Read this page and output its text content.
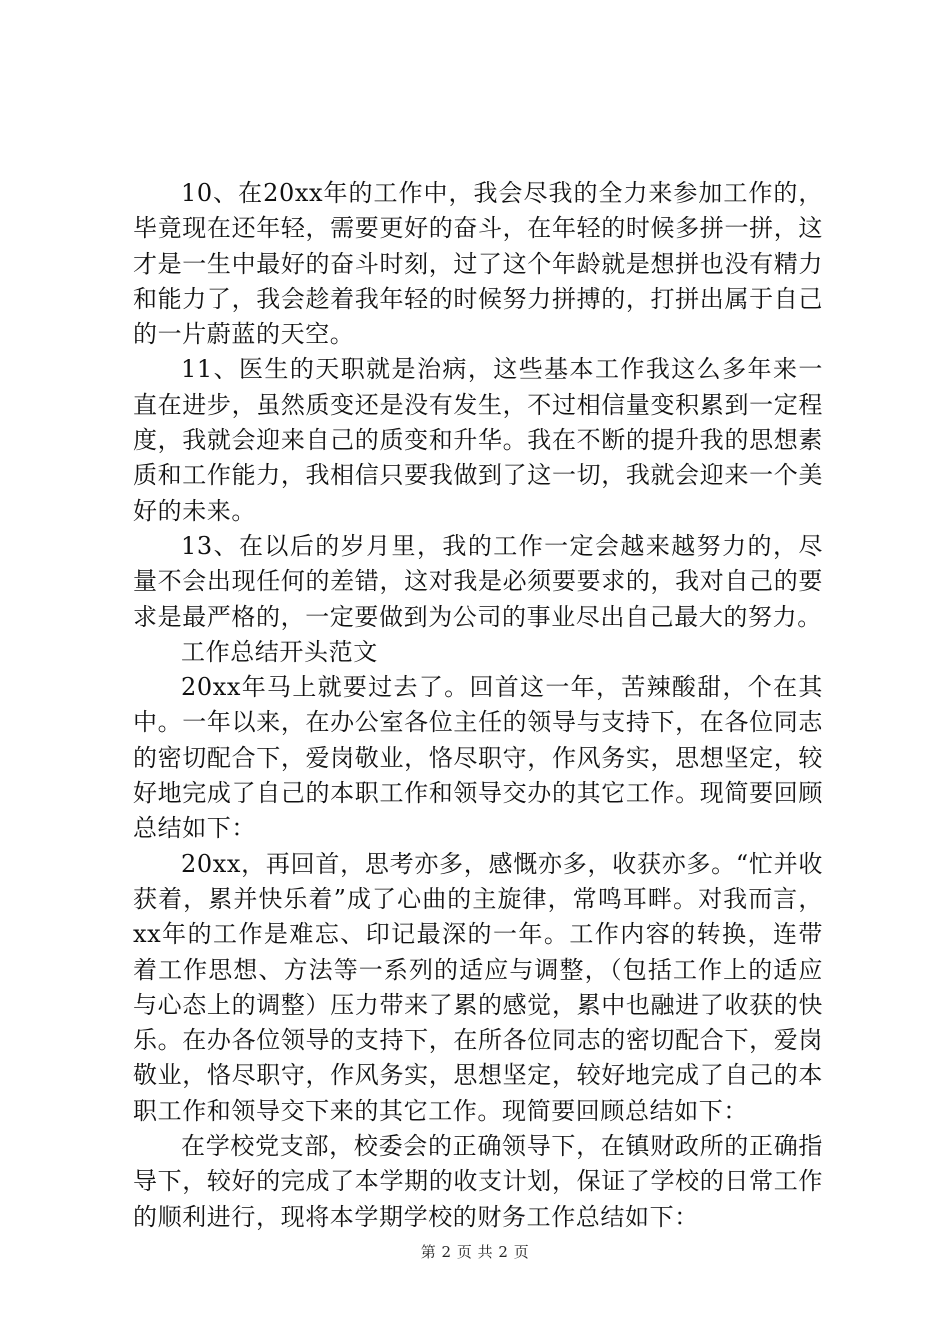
10、在20xx年的工作中，我会尽我的全力来参加工作的，毕竟现在还年轻，需要更好的奋斗，在年轻的时候多拼一拼，这才是一生中最好的奋斗时刻，过了这个年龄就是想拼也没有精力和能力了，我会趁着我年轻的时候努力拼搏的，打拼出属于自己的一片蔚蓝的天空。

11、医生的天职就是治病，这些基本工作我这么多年来一直在进步，虽然质变还是没有发生，不过相信量变积累到一定程度，我就会迎来自己的质变和升华。我在不断的提升我的思想素质和工作能力，我相信只要我做到了这一切，我就会迎来一个美好的未来。

13、在以后的岁月里，我的工作一定会越来越努力的，尽量不会出现任何的差错，这对我是必须要要求的，我对自己的要求是最严格的，一定要做到为公司的事业尽出自己最大的努力。

工作总结开头范文

20xx年马上就要过去了。回首这一年，苦辣酸甜，个在其中。一年以来，在办公室各位主任的领导与支持下，在各位同志的密切配合下，爱岗敬业，恪尽职守，作风务实，思想坚定，较好地完成了自己的本职工作和领导交办的其它工作。现简要回顾总结如下：

20xx，再回首，思考亦多，感慨亦多，收获亦多。“忙并收获着，累并快乐着”成了心曲的主旋律，常鸣耳畔。对我而言，xx年的工作是难忘、印记最深的一年。工作内容的转换，连带着工作思想、方法等一系列的适应与调整，（包括工作上的适应与心态上的调整）压力带来了累的感觉，累中也融进了收获的快乐。在办各位领导的支持下，在所各位同志的密切配合下，爱岗敬业，恪尽职守，作风务实，思想坚定，较好地完成了自己的本职工作和领导交下来的其它工作。现简要回顾总结如下：

在学校党支部，校委会的正确领导下，在镇财政所的正确指导下，较好的完成了本学期的收支计划，保证了学校的日常工作的顺利进行，现将本学期学校的财务工作总结如下：

第 2 页 共 2 页
